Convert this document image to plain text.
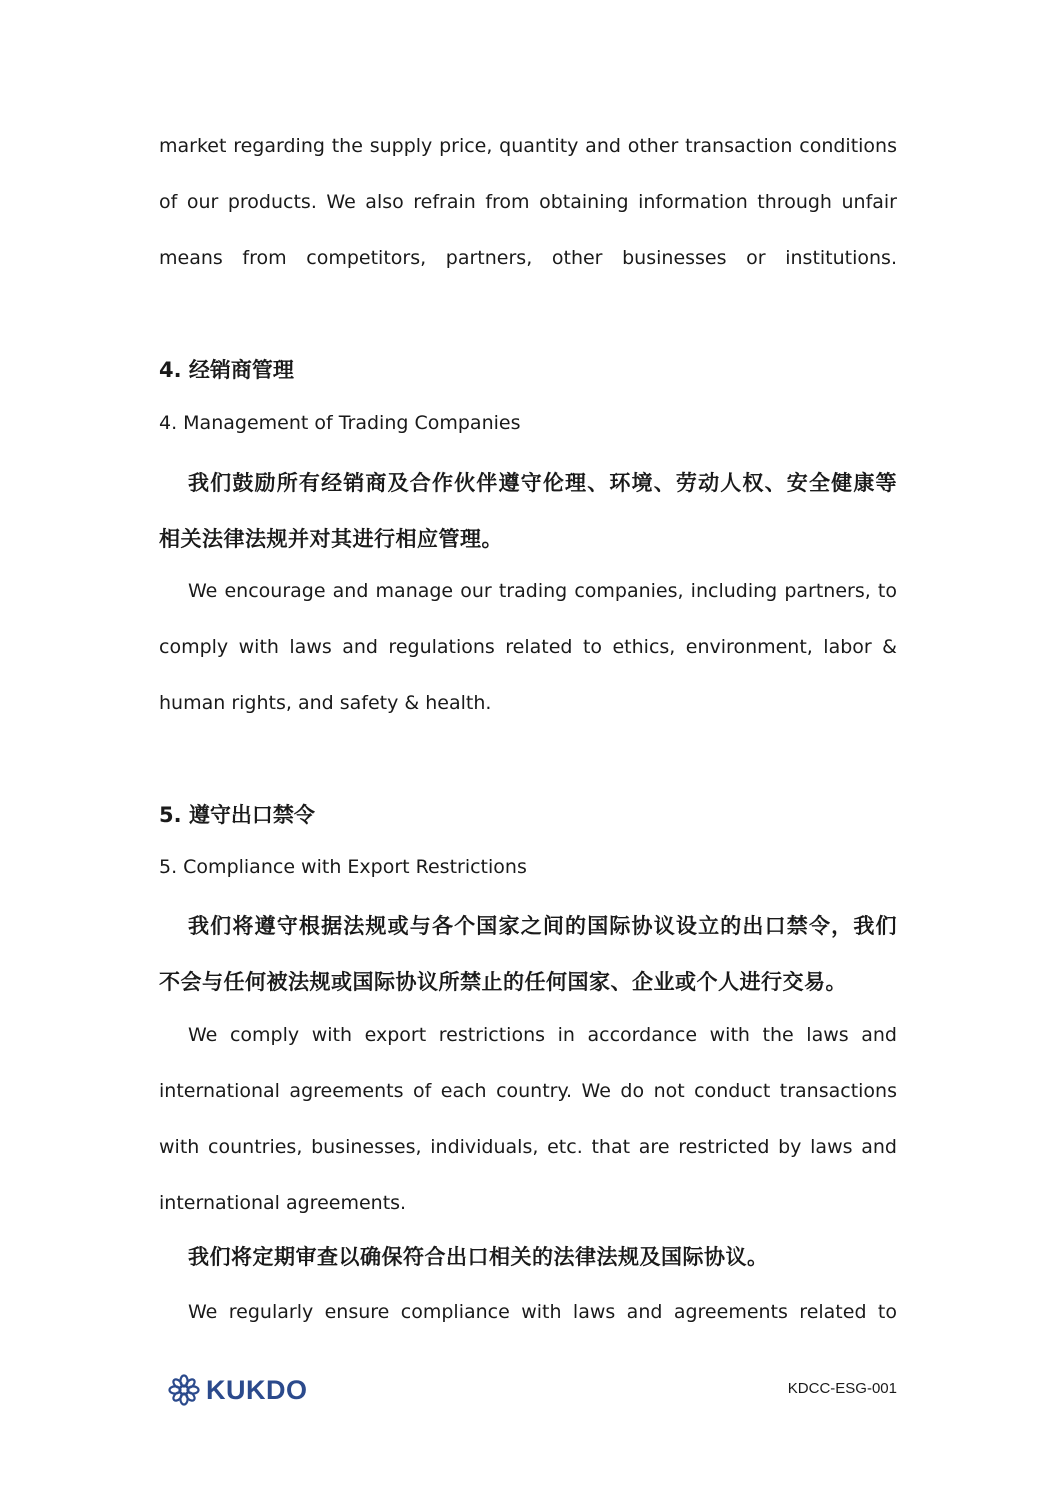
market regarding the supply price, quantity and other transaction conditions of our products. We also refrain from obtaining information through unfair means from competitors, partners, other businesses or institutions.

4. 经销商管理
4. Management of Trading Companies

我们鼓励所有经销商及合作伙伴遵守伦理、环境、劳动人权、安全健康等相关法律法规并对其进行相应管理。

We encourage and manage our trading companies, including partners, to comply with laws and regulations related to ethics, environment, labor & human rights, and safety & health.

5. 遵守出口禁令
5. Compliance with Export Restrictions

我们将遵守根据法规或与各个国家之间的国际协议设立的出口禁令，我们不会与任何被法规或国际协议所禁止的任何国家、企业或个人进行交易。

We comply with export restrictions in accordance with the laws and international agreements of each country. We do not conduct transactions with countries, businesses, individuals, etc. that are restricted by laws and international agreements.

我们将定期审查以确保符合出口相关的法律法规及国际协议。

We regularly ensure compliance with laws and agreements related to

KUKDO	KDCC-ESG-001
